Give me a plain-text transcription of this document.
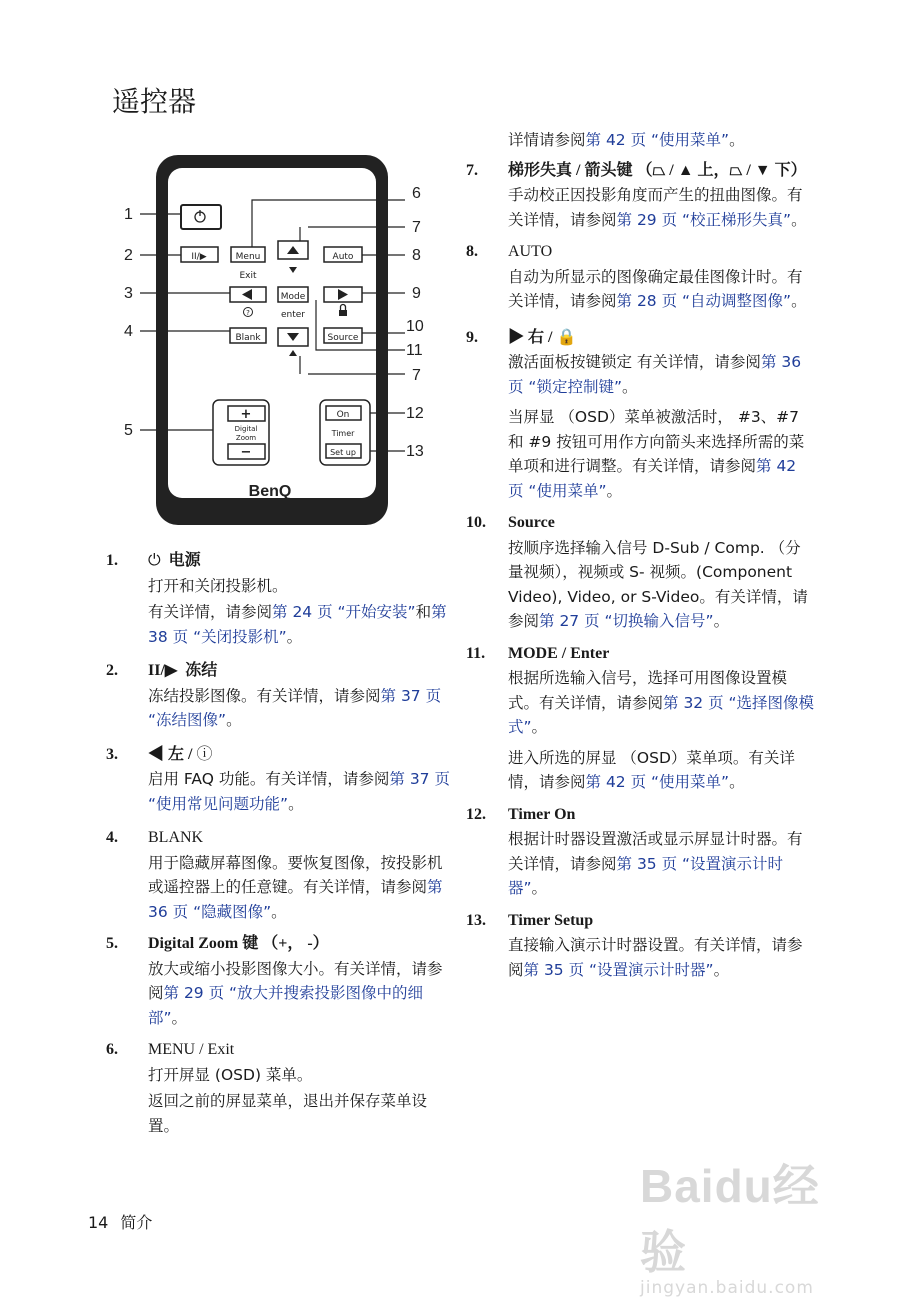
遥控器
II/▶	Menu
Exit
Auto
?
Mode
enter
Blank	Source
+
Digital
Zoom
−
On
Timer
Set up
BenQ
1
2
3
4
5
6
7
8
9
10
11
7
12
13
1. ⏻ 电源

打开和关闭投影机。

有关详情，请参阅第 24 页 “开始安装”和第 38 页 “关闭投影机”。

2. II/▶ 冻结

冻结投影图像。有关详情，请参阅第 37 页 “冻结图像”。

3. ◀ 左 / ⓘ

启用 FAQ 功能。有关详情，请参阅第 37 页 “使用常见问题功能”。

4. BLANK

用于隐藏屏幕图像。要恢复图像，按投影机或遥控器上的任意键。有关详情，请参阅第 36 页 “隐藏图像”。

5. Digital Zoom 键 （+， -）

放大或缩小投影图像大小。有关详情，请参阅第 29 页 “放大并搜索投影图像中的细部”。

6. MENU / Exit

打开屏显 (OSD) 菜单。

返回之前的屏显菜单，退出并保存菜单设置。

详情请参阅第 42 页 “使用菜单”。

7. 梯形失真 / 箭头键 （⏢ / ▲ 上，⏢ / ▼ 下）

手动校正因投影角度而产生的扭曲图像。有关详情，请参阅第 29 页 “校正梯形失真”。

8. AUTO

自动为所显示的图像确定最佳图像计时。有关详情，请参阅第 28 页 “自动调整图像”。

9. ▶ 右 / 🔒

激活面板按键锁定 有关详情，请参阅第 36 页 “锁定控制键”。

当屏显 （OSD）菜单被激活时， #3、#7 和 #9 按钮可用作方向箭头来选择所需的菜单项和进行调整。有关详情，请参阅第 42 页 “使用菜单”。

10. Source

按顺序选择输入信号 D-Sub / Comp. （分量视频），视频或 S- 视频。(Component Video), Video, or S-Video。有关详情，请参阅第 27 页 “切换输入信号”。

11. MODE / Enter

根据所选输入信号，选择可用图像设置模式。有关详情，请参阅第 32 页 “选择图像模式”。

进入所选的屏显 （OSD）菜单项。有关详情，请参阅第 42 页 “使用菜单”。

12. Timer On

根据计时器设置激活或显示屏显计时器。有关详情，请参阅第 35 页 “设置演示计时器”。

13. Timer Setup

直接输入演示计时器设置。有关详情，请参阅第 35 页 “设置演示计时器”。

14 简介
Baidu经验
jingyan.baidu.com
